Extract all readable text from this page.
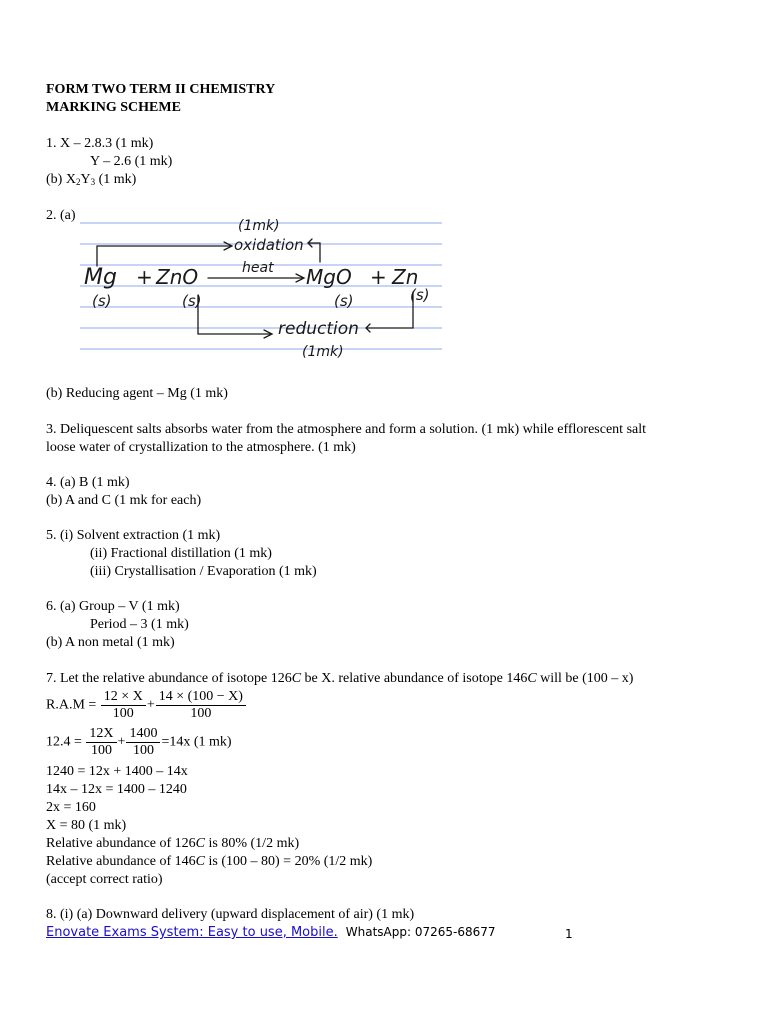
FORM TWO TERM II CHEMISTRY
MARKING SCHEME
1. X – 2.8.3 (1 mk)
Y – 2.6 (1 mk)
(b) $X_2Y_3$ (1 mk)
2. (a)
(1mk)
oxidation
heat
Mg + ZnO	MgO + Zn
(s)	(s)	(s)	(s)
reduction
(1mk)
(b) Reducing agent – Mg (1 mk)
3. Deliquescent salts absorbs water from the atmosphere and form a solution. (1 mk) while efflorescent salt
loose water of crystallization to the atmosphere. (1 mk)
4. (a) B (1 mk)
(b) A and C (1 mk for each)
5. (i) Solvent extraction (1 mk)
(ii) Fractional distillation (1 mk)
(iii) Crystallisation / Evaporation (1 mk)
6. (a) Group – V (1 mk)
Period – 3 (1 mk)
(b) A non metal (1 mk)
7. Let the relative abundance of isotope 126C be X. relative abundance of isotope 146C will be (100 – x)
$R.A.M = \frac{12 \times X}{100} + \frac{14 \times (100 - X)}{100}$
$12.4 = \frac{12X}{100} + \frac{1400}{100} =14x$ (1 mk)
1240 = 12x + 1400 – 14x
14x – 12x = 1400 – 1240
2x = 160
X = 80 (1 mk)
Relative abundance of 126C is 80% (1/2 mk)
Relative abundance of 146C is (100 – 80) = 20% (1/2 mk)
(accept correct ratio)
8. (i) (a) Downward delivery (upward displacement of air) (1 mk)
Enovate Exams System: Easy to use, Mobile. WhatsApp: 07265-68677	1
